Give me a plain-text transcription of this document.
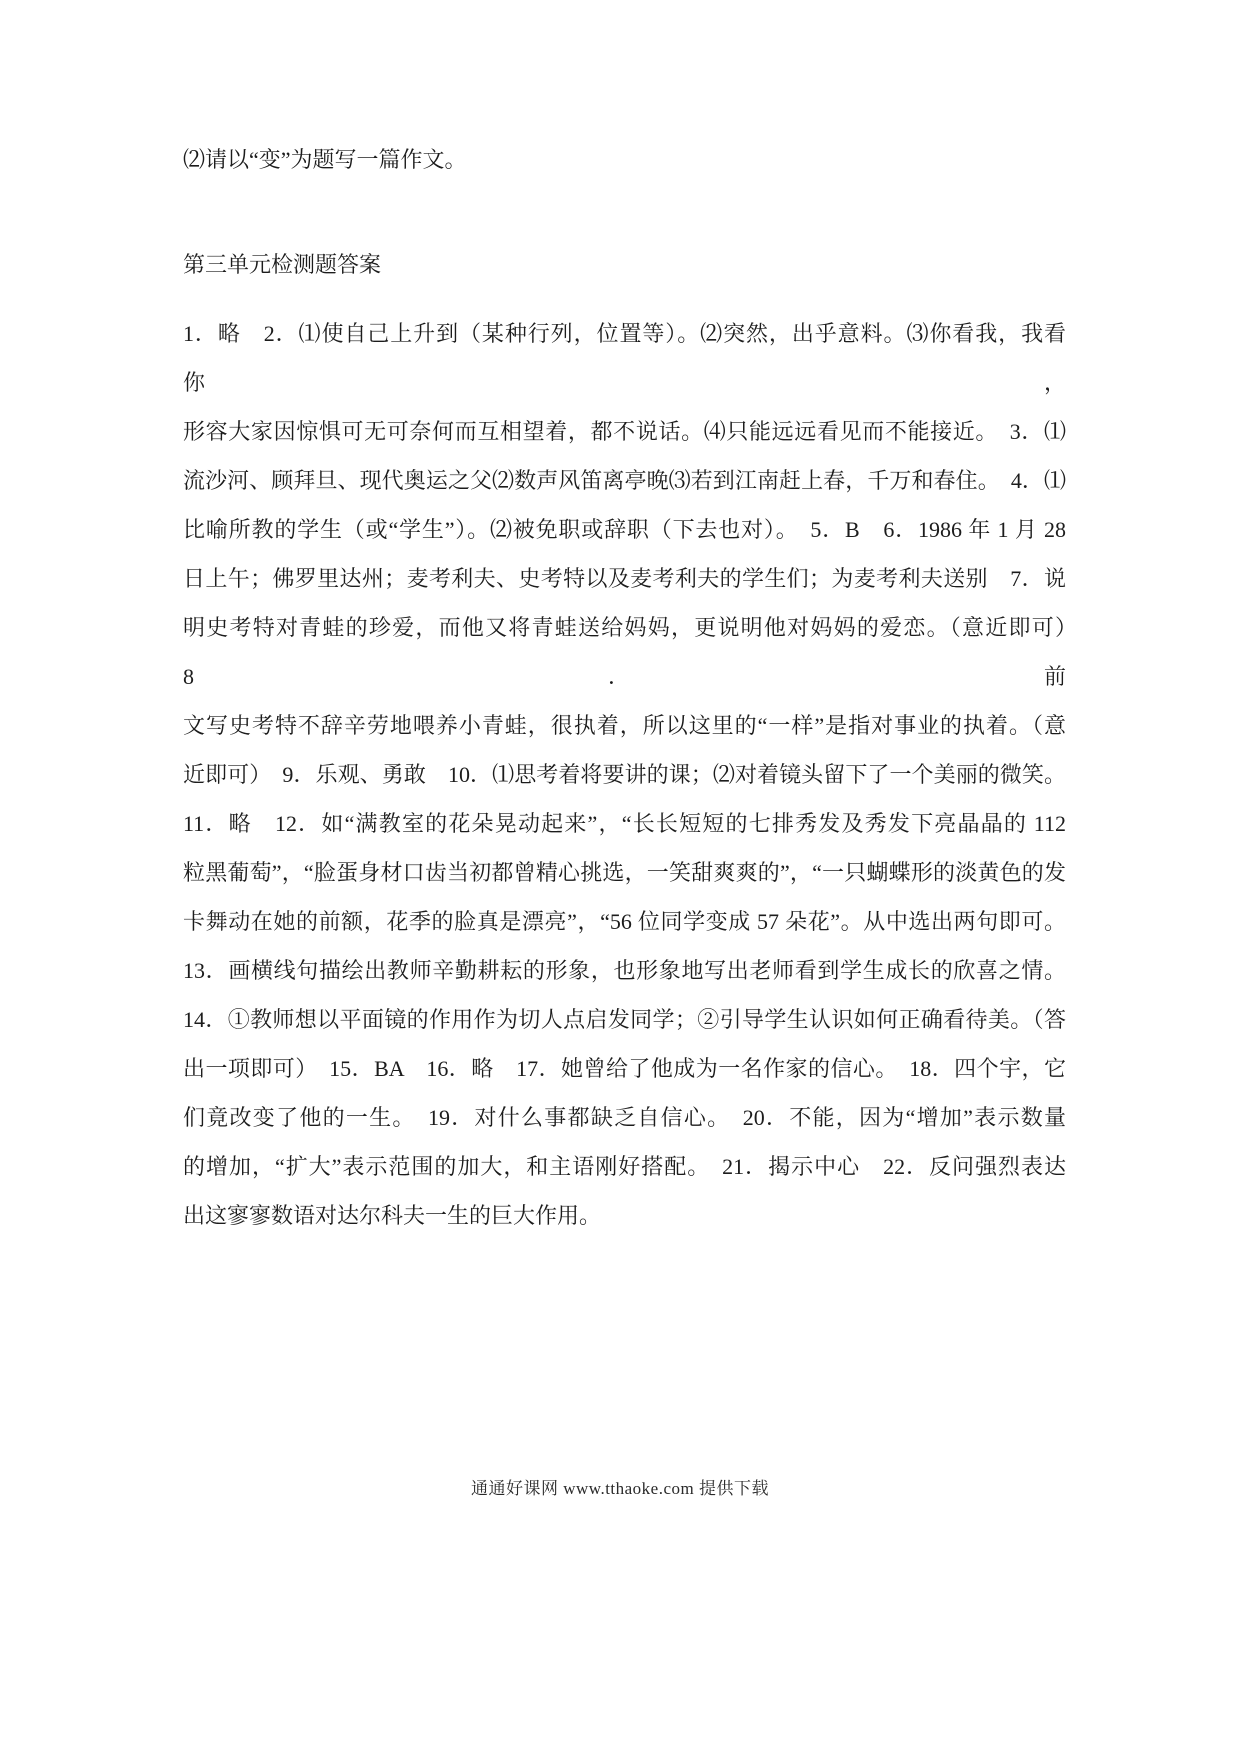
⑵请以“变”为题写一篇作文。
第三单元检测题答案
1．略　2．⑴使自己上升到（某种行列，位置等）。⑵突然，出乎意料。⑶你看我，我看你，
形容大家因惊惧可无可奈何而互相望着，都不说话。⑷只能远远看见而不能接近。　3．⑴
流沙河、顾拜旦、现代奥运之父⑵数声风笛离亭晚⑶若到江南赶上春，千万和春住。　4．⑴
比喻所教的学生（或“学生”）。⑵被免职或辞职（下去也对）。　5．B　6．1986 年 1 月 28
日上午；佛罗里达州；麦考利夫、史考特以及麦考利夫的学生们；为麦考利夫送别　7．说
明史考特对青蛙的珍爱，而他又将青蛙送给妈妈，更说明他对妈妈的爱恋。（意近即可）　8．前
文写史考特不辞辛劳地喂养小青蛙，很执着，所以这里的“一样”是指对事业的执着。（意
近即可）　9．乐观、勇敢　10．⑴思考着将要讲的课；⑵对着镜头留下了一个美丽的微笑。
11．略　12．如“满教室的花朵晃动起来”，“长长短短的七排秀发及秀发下亮晶晶的 112
粒黑葡萄”，“脸蛋身材口齿当初都曾精心挑选，一笑甜爽爽的”，“一只蝴蝶形的淡黄色的发
卡舞动在她的前额，花季的脸真是漂亮”，“56 位同学变成 57 朵花”。从中选出两句即可。
13．画横线句描绘出教师辛勤耕耘的形象，也形象地写出老师看到学生成长的欣喜之情。
14．①教师想以平面镜的作用作为切人点启发同学；②引导学生认识如何正确看待美。（答
出一项即可）　15．BA　16．略　17．她曾给了他成为一名作家的信心。　18．四个宇，它
们竟改变了他的一生。　19．对什么事都缺乏自信心。　20．不能，因为“增加”表示数量
的增加，“扩大”表示范围的加大，和主语刚好搭配。　21．揭示中心　22．反问强烈表达
出这寥寥数语对达尔科夫一生的巨大作用。
通通好课网 www.tthaoke.com 提供下载
